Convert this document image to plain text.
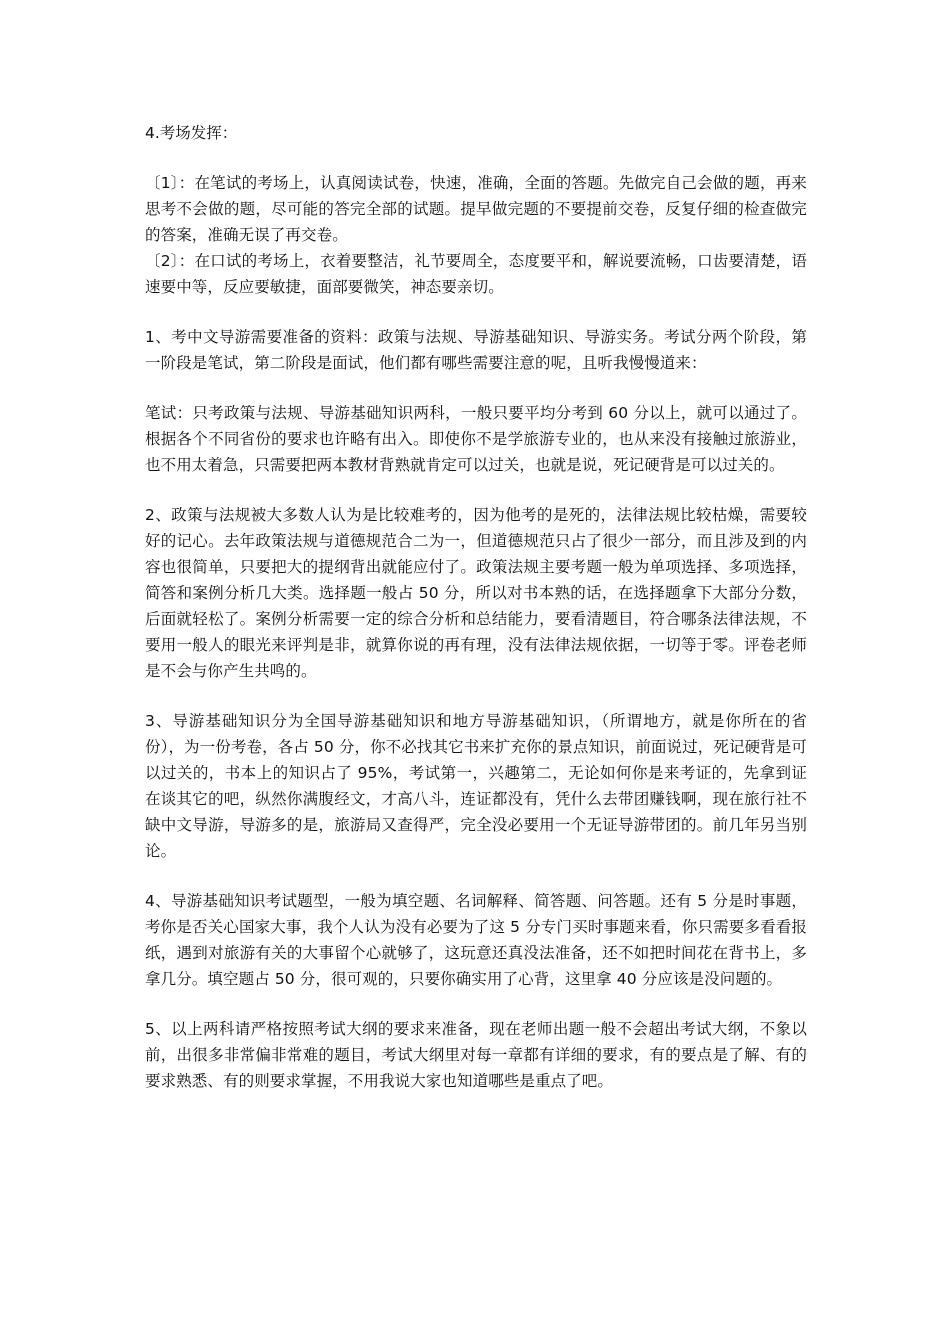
4.考场发挥：

〔1〕：在笔试的考场上，认真阅读试卷，快速，准确，全面的答题。先做完自己会做的题，再来思考不会做的题，尽可能的答完全部的试题。提早做完题的不要提前交卷，反复仔细的检查做完的答案，准确无误了再交卷。

〔2〕：在口试的考场上，衣着要整洁，礼节要周全，态度要平和，解说要流畅，口齿要清楚，语速要中等，反应要敏捷，面部要微笑，神态要亲切。

1、考中文导游需要准备的资料：政策与法规、导游基础知识、导游实务。考试分两个阶段，第一阶段是笔试，第二阶段是面试，他们都有哪些需要注意的呢，且听我慢慢道来：

笔试：只考政策与法规、导游基础知识两科，一般只要平均分考到 60 分以上，就可以通过了。根据各个不同省份的要求也许略有出入。即使你不是学旅游专业的，也从来没有接触过旅游业，也不用太着急，只需要把两本教材背熟就肯定可以过关，也就是说，死记硬背是可以过关的。

2、政策与法规被大多数人认为是比较难考的，因为他考的是死的，法律法规比较枯燥，需要较好的记心。去年政策法规与道德规范合二为一，但道德规范只占了很少一部分，而且涉及到的内容也很简单，只要把大的提纲背出就能应付了。政策法规主要考题一般为单项选择、多项选择，简答和案例分析几大类。选择题一般占 50 分，所以对书本熟的话，在选择题拿下大部分分数，后面就轻松了。案例分析需要一定的综合分析和总结能力，要看清题目，符合哪条法律法规，不要用一般人的眼光来评判是非，就算你说的再有理，没有法律法规依据，一切等于零。评卷老师是不会与你产生共鸣的。

3、导游基础知识分为全国导游基础知识和地方导游基础知识，（所谓地方，就是你所在的省份），为一份考卷，各占 50 分，你不必找其它书来扩充你的景点知识，前面说过，死记硬背是可以过关的，书本上的知识占了 95%，考试第一，兴趣第二，无论如何你是来考证的，先拿到证在谈其它的吧，纵然你满腹经文，才高八斗，连证都没有，凭什么去带团赚钱啊，现在旅行社不缺中文导游，导游多的是，旅游局又查得严，完全没必要用一个无证导游带团的。前几年另当别论。

4、导游基础知识考试题型，一般为填空题、名词解释、简答题、问答题。还有 5 分是时事题，考你是否关心国家大事，我个人认为没有必要为了这 5 分专门买时事题来看，你只需要多看看报纸，遇到对旅游有关的大事留个心就够了，这玩意还真没法准备，还不如把时间花在背书上，多拿几分。填空题占 50 分，很可观的，只要你确实用了心背，这里拿 40 分应该是没问题的。

5、以上两科请严格按照考试大纲的要求来准备，现在老师出题一般不会超出考试大纲，不象以前，出很多非常偏非常难的题目，考试大纲里对每一章都有详细的要求，有的要点是了解、有的要求熟悉、有的则要求掌握，不用我说大家也知道哪些是重点了吧。
